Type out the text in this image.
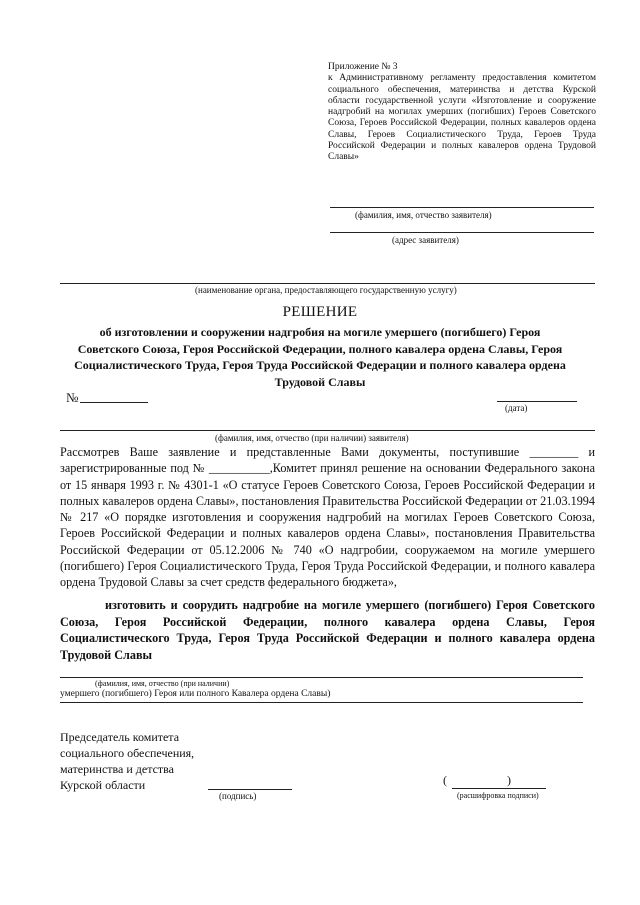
Приложение № 3
к Административному регламенту предоставления комитетом социального обеспечения, материнства и детства Курской области государственной услуги «Изготовление и сооружение надгробий на могилах умерших (погибших) Героев Советского Союза, Героев Российской Федерации, полных кавалеров ордена Славы, Героев Социалистического Труда, Героев Труда Российской Федерации и полных кавалеров ордена Трудовой Славы»
(фамилия, имя, отчество заявителя)
(адрес заявителя)
(наименование органа, предоставляющего государственную услугу)
РЕШЕНИЕ
об изготовлении и сооружении надгробия на могиле умершего (погибшего) Героя Советского Союза, Героя Российской Федерации, полного кавалера ордена Славы, Героя Социалистического Труда, Героя Труда Российской Федерации и полного кавалера ордена Трудовой Славы
№
(дата)
(фамилия, имя, отчество (при наличии) заявителя)

Рассмотрев Ваше заявление и представленные Вами документы, поступившие ________ и зарегистрированные под № __________,Комитет принял решение на основании Федерального закона от 15 января 1993 г. № 4301-1 «О статусе Героев Советского Союза, Героев Российской Федерации и полных кавалеров ордена Славы», постановления Правительства Российской Федерации от 21.03.1994 № 217 «О порядке изготовления и сооружения надгробий на могилах Героев Советского Союза, Героев Российской Федерации и полных кавалеров ордена Славы», постановления Правительства Российской Федерации от 05.12.2006 № 740 «О надгробии, сооружаемом на могиле умершего (погибшего) Героя Социалистического Труда, Героя Труда Российской Федерации, и полного кавалера ордена Трудовой Славы за счет средств федерального бюджета»,

изготовить и соорудить надгробие на могиле умершего (погибшего) Героя Советского Союза, Героя Российской Федерации, полного кавалера ордена Славы, Героя Социалистического Труда, Героя Труда Российской Федерации и полного кавалера ордена Трудовой Славы

(фамилия, имя, отчество (при наличии)
умершего (погибшего) Героя или полного Кавалера ордена Славы)
Председатель комитета
социального обеспечения,
материнства и детства
Курской области
(подпись)
(                    )
(расшифровка подписи)
